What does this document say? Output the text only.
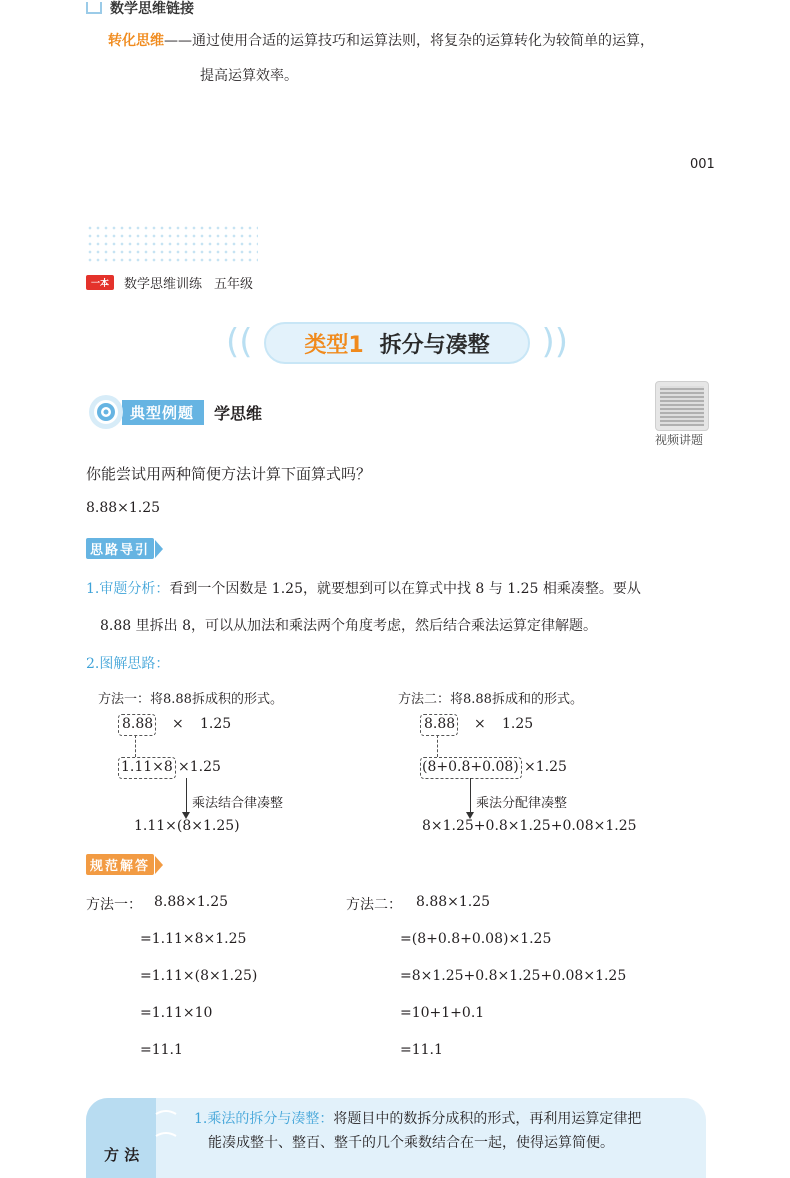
数学思维链接
转化思维——通过使用合适的运算技巧和运算法则，将复杂的运算转化为较简单的运算，
提高运算效率。
001
一本	数学思维训练 五年级
((	))
类型1 拆分与凑整
典型例题	学思维
视频讲题
你能尝试用两种简便方法计算下面算式吗？
8.88×1.25
思路导引
1.审题分析：看到一个因数是 1.25，就要想到可以在算式中找 8 与 1.25 相乘凑整。要从
8.88 里拆出 8，可以从加法和乘法两个角度考虑，然后结合乘法运算定律解题。
2.图解思路：
方法一：将8.88拆成积的形式。
8.88 × 1.25
1.11×8 ×1.25
乘法结合律凑整
1.11×(8×1.25)
方法二：将8.88拆成和的形式。
8.88 × 1.25
(8+0.8+0.08) ×1.25
乘法分配律凑整
8×1.25+0.8×1.25+0.08×1.25
规范解答
方法一： 8.88×1.25
=1.11×8×1.25
=1.11×(8×1.25)
=1.11×10
=11.1
方法二： 8.88×1.25
=(8+0.8+0.08)×1.25
=8×1.25+0.8×1.25+0.08×1.25
=10+1+0.1
=11.1
方 法
1.乘法的拆分与凑整：将题目中的数拆分成积的形式，再利用运算定律把
能凑成整十、整百、整千的几个乘数结合在一起，使得运算简便。
